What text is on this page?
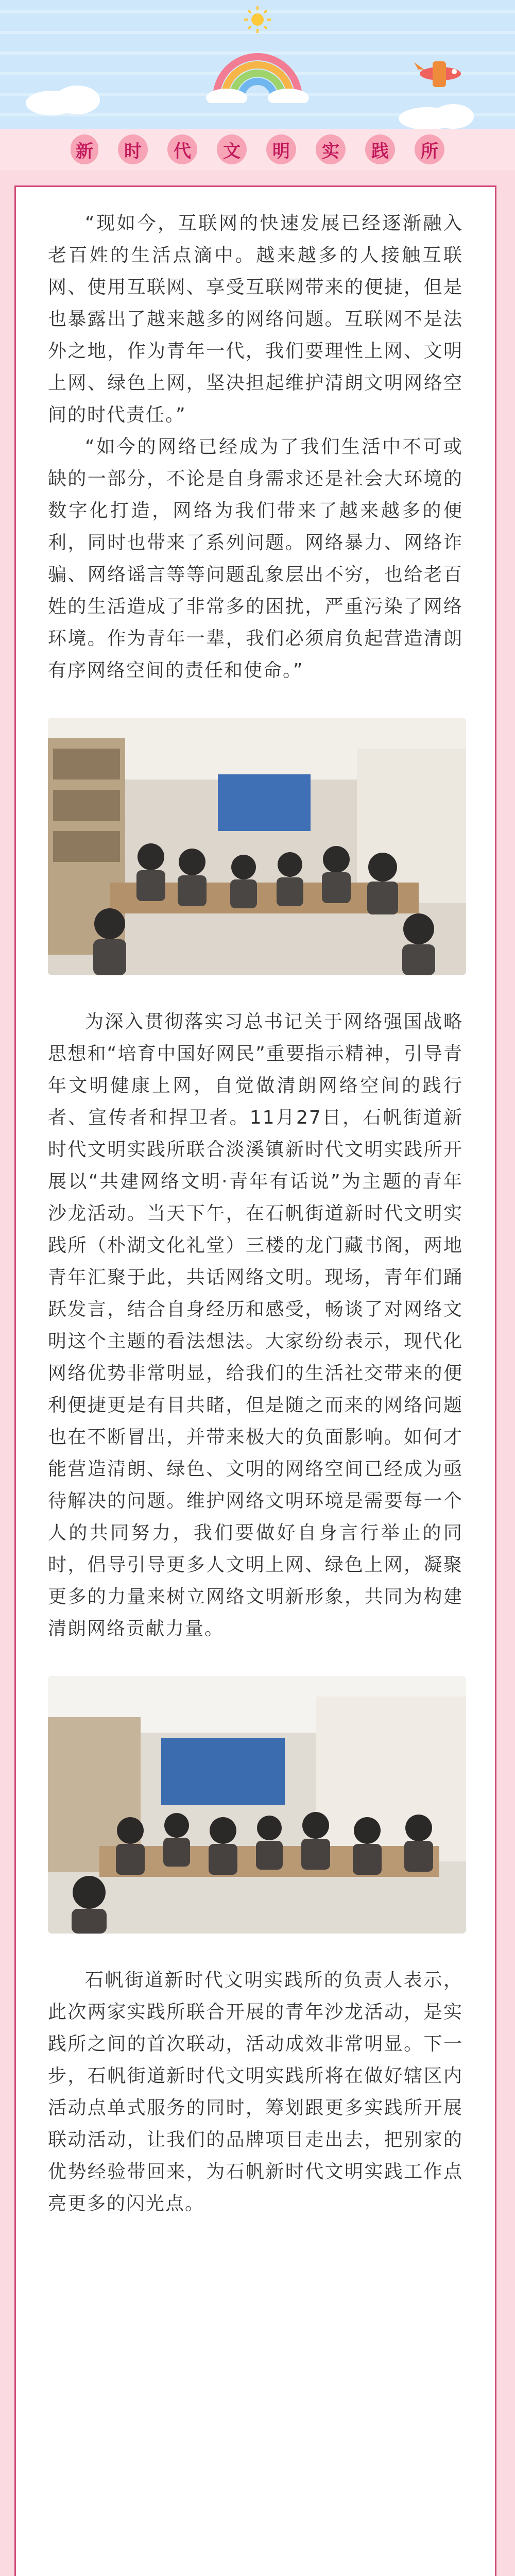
新	时	代	文	明	实	践	所

“现如今，互联网的快速发展已经逐渐融入老百姓的生活点滴中。越来越多的人接触互联网、使用互联网、享受互联网带来的便捷，但是也暴露出了越来越多的网络问题。互联网不是法外之地，作为青年一代，我们要理性上网、文明上网、绿色上网，坚决担起维护清朗文明网络空间的时代责任。”

“如今的网络已经成为了我们生活中不可或缺的一部分，不论是自身需求还是社会大环境的数字化打造，网络为我们带来了越来越多的便利，同时也带来了系列问题。网络暴力、网络诈骗、网络谣言等等问题乱象层出不穷，也给老百姓的生活造成了非常多的困扰，严重污染了网络环境。作为青年一辈，我们必须肩负起营造清朗有序网络空间的责任和使命。”

为深入贯彻落实习总书记关于网络强国战略思想和“培育中国好网民”重要指示精神，引导青年文明健康上网，自觉做清朗网络空间的践行者、宣传者和捍卫者。11月27日，石帆街道新时代文明实践所联合淡溪镇新时代文明实践所开展以“共建网络文明·青年有话说”为主题的青年沙龙活动。当天下午，在石帆街道新时代文明实践所（朴湖文化礼堂）三楼的龙门藏书阁，两地青年汇聚于此，共话网络文明。现场，青年们踊跃发言，结合自身经历和感受，畅谈了对网络文明这个主题的看法想法。大家纷纷表示，现代化网络优势非常明显，给我们的生活社交带来的便利便捷更是有目共睹，但是随之而来的网络问题也在不断冒出，并带来极大的负面影响。如何才能营造清朗、绿色、文明的网络空间已经成为亟待解决的问题。维护网络文明环境是需要每一个人的共同努力，我们要做好自身言行举止的同时，倡导引导更多人文明上网、绿色上网，凝聚更多的力量来树立网络文明新形象，共同为构建清朗网络贡献力量。

石帆街道新时代文明实践所的负责人表示，此次两家实践所联合开展的青年沙龙活动，是实践所之间的首次联动，活动成效非常明显。下一步，石帆街道新时代文明实践所将在做好辖区内活动点单式服务的同时，筹划跟更多实践所开展联动活动，让我们的品牌项目走出去，把别家的优势经验带回来，为石帆新时代文明实践工作点亮更多的闪光点。
